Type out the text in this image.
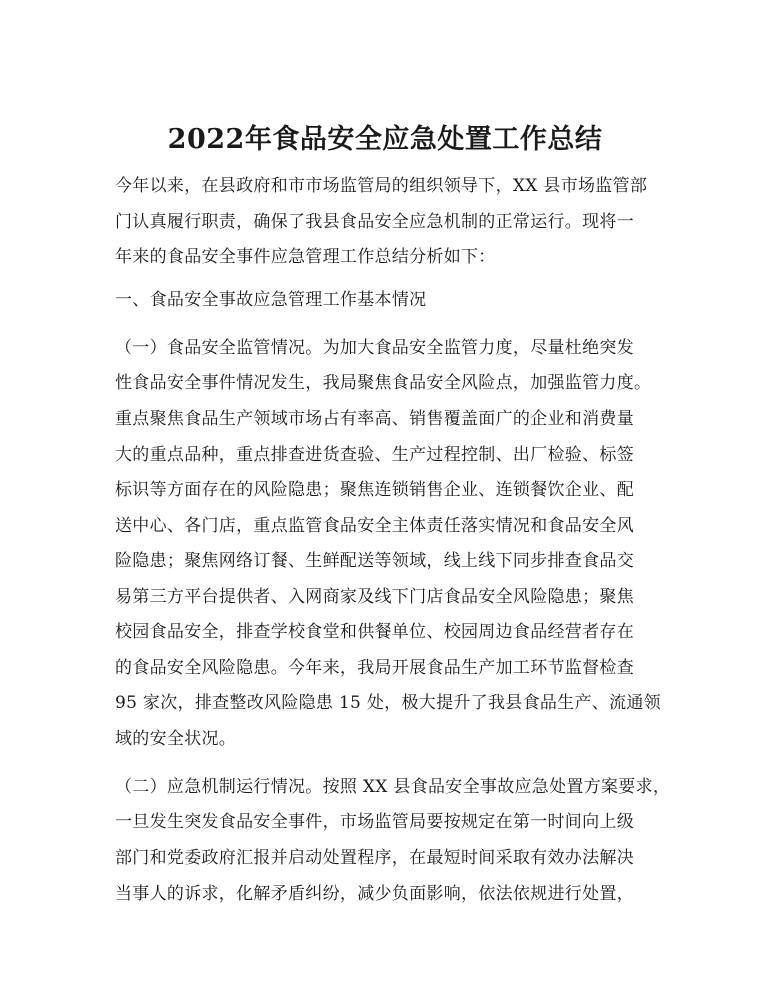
2022年食品安全应急处置工作总结
今年以来，在县政府和市市场监管局的组织领导下，XX 县市场监管部
门认真履行职责，确保了我县食品安全应急机制的正常运行。现将一
年来的食品安全事件应急管理工作总结分析如下：
一、食品安全事故应急管理工作基本情况
（一）食品安全监管情况。为加大食品安全监管力度，尽量杜绝突发
性食品安全事件情况发生，我局聚焦食品安全风险点，加强监管力度。
重点聚焦食品生产领域市场占有率高、销售覆盖面广的企业和消费量
大的重点品种，重点排查进货查验、生产过程控制、出厂检验、标签
标识等方面存在的风险隐患；聚焦连锁销售企业、连锁餐饮企业、配
送中心、各门店，重点监管食品安全主体责任落实情况和食品安全风
险隐患；聚焦网络订餐、生鲜配送等领域，线上线下同步排查食品交
易第三方平台提供者、入网商家及线下门店食品安全风险隐患；聚焦
校园食品安全，排查学校食堂和供餐单位、校园周边食品经营者存在
的食品安全风险隐患。今年来，我局开展食品生产加工环节监督检查
95 家次，排查整改风险隐患 15 处，极大提升了我县食品生产、流通领
域的安全状况。
（二）应急机制运行情况。按照 XX 县食品安全事故应急处置方案要求，
一旦发生突发食品安全事件，市场监管局要按规定在第一时间向上级
部门和党委政府汇报并启动处置程序，在最短时间采取有效办法解决
当事人的诉求，化解矛盾纠纷，减少负面影响，依法依规进行处置，
